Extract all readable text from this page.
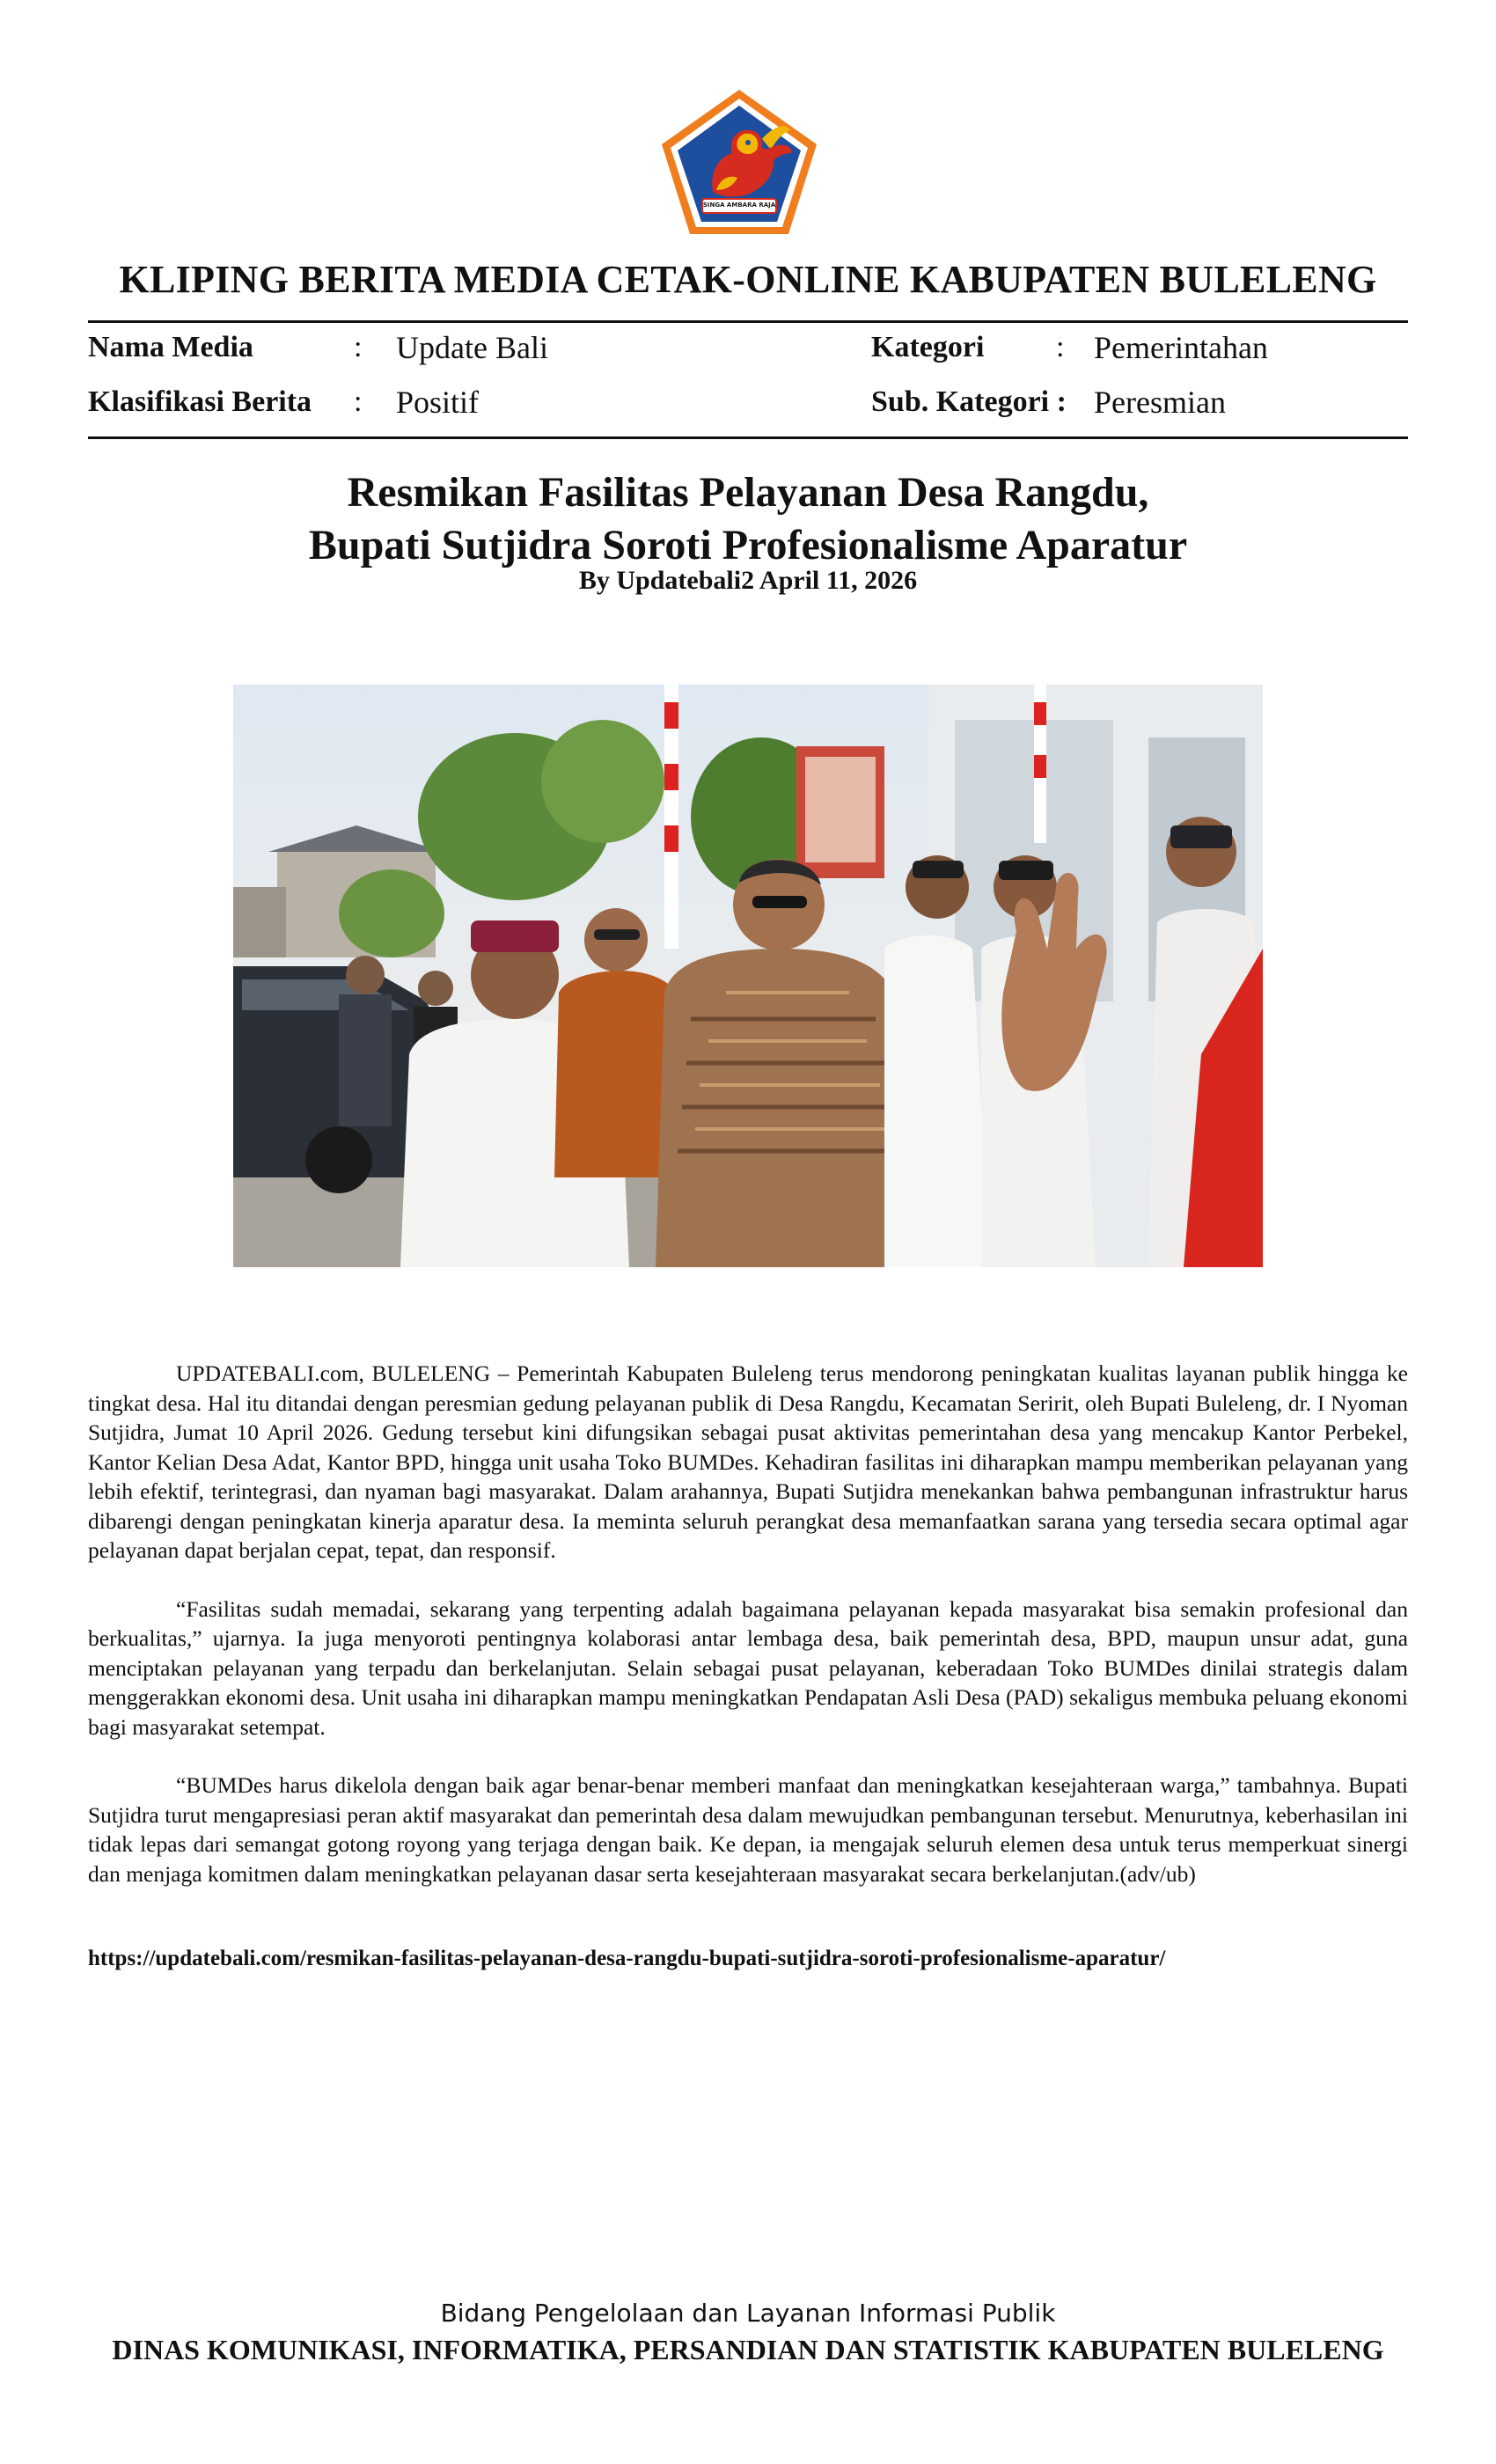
SINGA AMBARA RAJA
KLIPING BERITA MEDIA CETAK-ONLINE KABUPATEN BULELENG
Nama Media	: Update Bali	Kategori : Pemerintahan
Klasifikasi Berita : Positif	Sub. Kategori : Peresmian
Resmikan Fasilitas Pelayanan Desa Rangdu,
Bupati Sutjidra Soroti Profesionalisme Aparatur
By Updatebali2 April 11, 2026

UPDATEBALI.com, BULELENG – Pemerintah Kabupaten Buleleng terus mendorong peningkatan kualitas layanan publik hingga ke tingkat desa. Hal itu ditandai dengan peresmian gedung pelayanan publik di Desa Rangdu, Kecamatan Seririt, oleh Bupati Buleleng, dr. I Nyoman Sutjidra, Jumat 10 April 2026. Gedung tersebut kini difungsikan sebagai pusat aktivitas pemerintahan desa yang mencakup Kantor Perbekel, Kantor Kelian Desa Adat, Kantor BPD, hingga unit usaha Toko BUMDes. Kehadiran fasilitas ini diharapkan mampu memberikan pelayanan yang lebih efektif, terintegrasi, dan nyaman bagi masyarakat. Dalam arahannya, Bupati Sutjidra menekankan bahwa pembangunan infrastruktur harus dibarengi dengan peningkatan kinerja aparatur desa. Ia meminta seluruh perangkat desa memanfaatkan sarana yang tersedia secara optimal agar pelayanan dapat berjalan cepat, tepat, dan responsif.

“Fasilitas sudah memadai, sekarang yang terpenting adalah bagaimana pelayanan kepada masyarakat bisa semakin profesional dan berkualitas,” ujarnya. Ia juga menyoroti pentingnya kolaborasi antar lembaga desa, baik pemerintah desa, BPD, maupun unsur adat, guna menciptakan pelayanan yang terpadu dan berkelanjutan. Selain sebagai pusat pelayanan, keberadaan Toko BUMDes dinilai strategis dalam menggerakkan ekonomi desa. Unit usaha ini diharapkan mampu meningkatkan Pendapatan Asli Desa (PAD) sekaligus membuka peluang ekonomi bagi masyarakat setempat.

“BUMDes harus dikelola dengan baik agar benar-benar memberi manfaat dan meningkatkan kesejahteraan warga,” tambahnya. Bupati Sutjidra turut mengapresiasi peran aktif masyarakat dan pemerintah desa dalam mewujudkan pembangunan tersebut. Menurutnya, keberhasilan ini tidak lepas dari semangat gotong royong yang terjaga dengan baik. Ke depan, ia mengajak seluruh elemen desa untuk terus memperkuat sinergi dan menjaga komitmen dalam meningkatkan pelayanan dasar serta kesejahteraan masyarakat secara berkelanjutan.(adv/ub)

https://updatebali.com/resmikan-fasilitas-pelayanan-desa-rangdu-bupati-sutjidra-soroti-profesionalisme-aparatur/
Bidang Pengelolaan dan Layanan Informasi Publik
DINAS KOMUNIKASI, INFORMATIKA, PERSANDIAN DAN STATISTIK KABUPATEN BULELENG
